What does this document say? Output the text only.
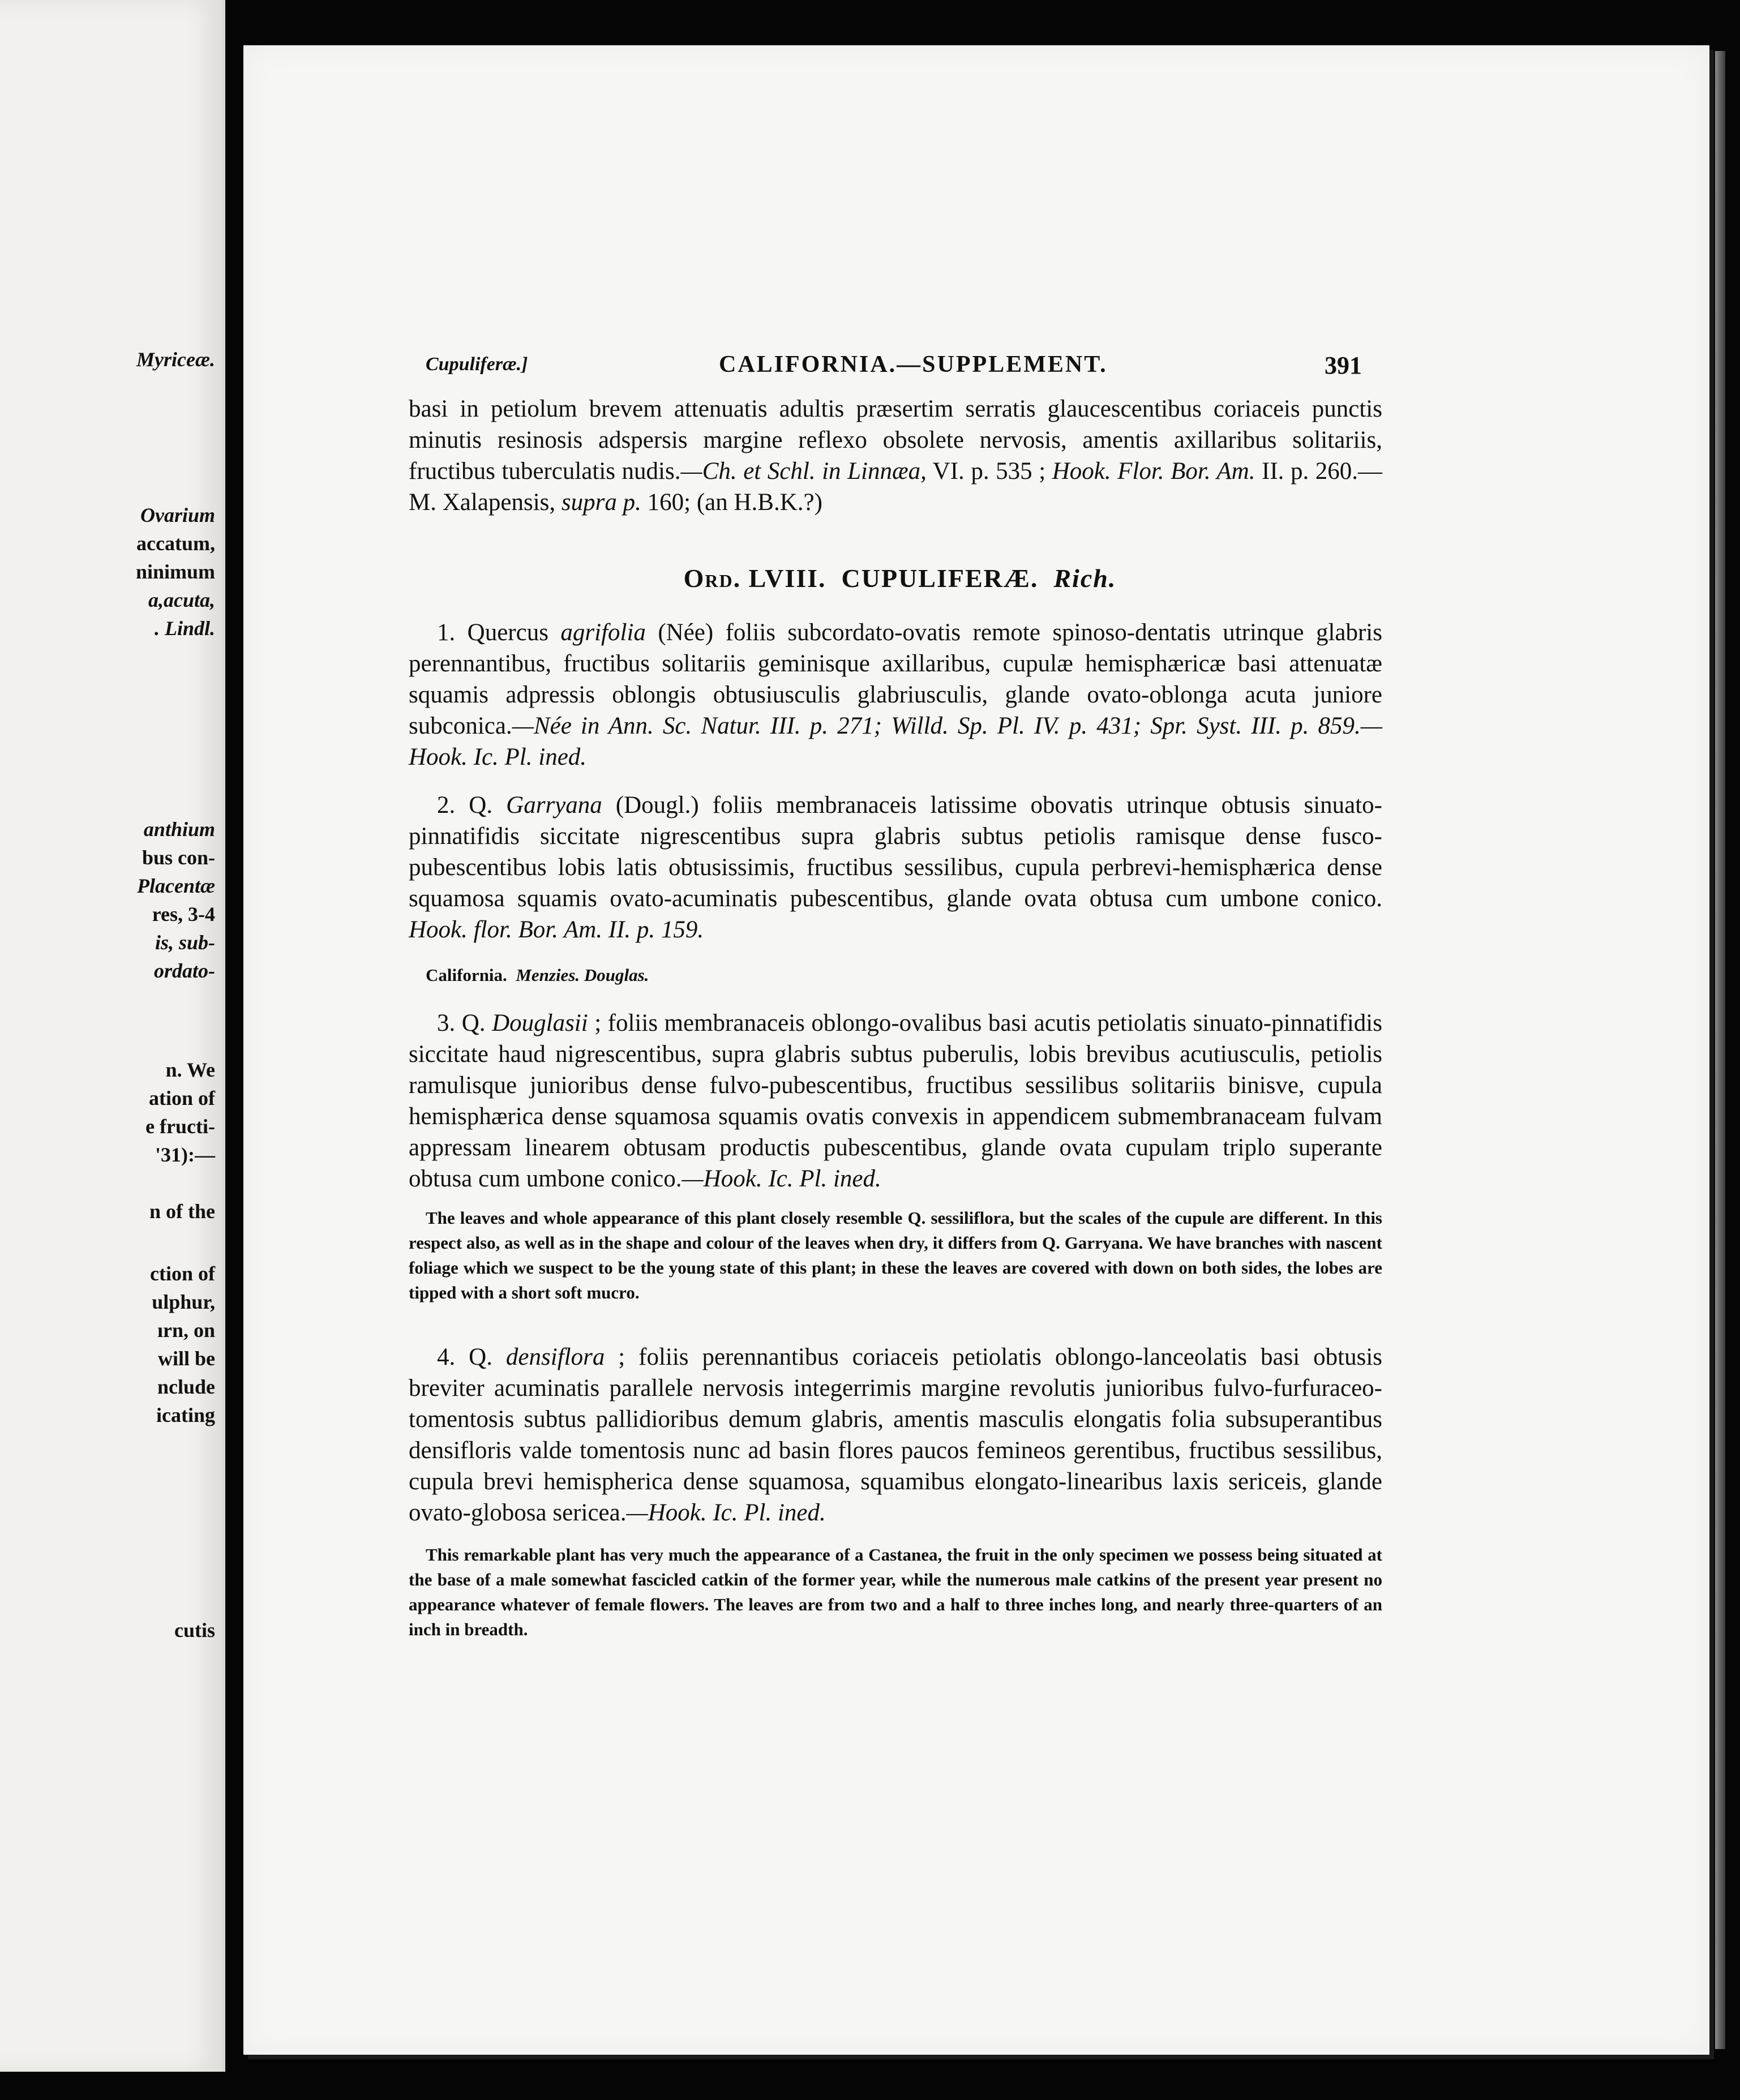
Myriceæ.
Ovarium
accatum,
ninimum
a,acuta,
. Lindl.
anthium
bus con-
Placentæ
res, 3-4
is, sub-
ordato-
n. We
ation of
e fructi-
'31):—
n of the
ction of
ulphur,
ırn, on
will be
nclude
icating
cutis
Cupuliferæ.]	CALIFORNIA.—SUPPLEMENT.	391
basi in petiolum brevem attenuatis adultis præsertim serratis glaucescentibus coriaceis punctis minutis resinosis adspersis margine reflexo obsolete nervosis, amentis axillaribus solitariis, fructibus tuberculatis nudis.—Ch. et Schl. in Linnæa, VI. p. 535 ; Hook. Flor. Bor. Am. II. p. 260.—M. Xalapensis, supra p. 160; (an H.B.K.?)
Ord. LVIII. CUPULIFERÆ. Rich.
1. Quercus agrifolia (Née) foliis subcordato-ovatis remote spinoso-dentatis utrinque glabris perennantibus, fructibus solitariis geminisque axillaribus, cupulæ hemisphæricæ basi attenuatæ squamis adpressis oblongis obtusiusculis glabriusculis, glande ovato-oblonga acuta juniore subconica.—Née in Ann. Sc. Natur. III. p. 271; Willd. Sp. Pl. IV. p. 431; Spr. Syst. III. p. 859.—Hook. Ic. Pl. ined.
2. Q. Garryana (Dougl.) foliis membranaceis latissime obovatis utrinque obtusis sinuato-pinnatifidis siccitate nigrescentibus supra glabris subtus petiolis ramisque dense fusco-pubescentibus lobis latis obtusissimis, fructibus sessilibus, cupula perbrevi-hemisphærica dense squamosa squamis ovato-acuminatis pubescentibus, glande ovata obtusa cum umbone conico. Hook. flor. Bor. Am. II. p. 159.
California. Menzies. Douglas.
3. Q. Douglasii ; foliis membranaceis oblongo-ovalibus basi acutis petiolatis sinuato-pinnatifidis siccitate haud nigrescentibus, supra glabris subtus puberulis, lobis brevibus acutiusculis, petiolis ramulisque junioribus dense fulvo-pubescentibus, fructibus sessilibus solitariis binisve, cupula hemisphærica dense squamosa squamis ovatis convexis in appendicem submembranaceam fulvam appressam linearem obtusam productis pubescentibus, glande ovata cupulam triplo superante obtusa cum umbone conico.—Hook. Ic. Pl. ined.
The leaves and whole appearance of this plant closely resemble Q. sessiliflora, but the scales of the cupule are different. In this respect also, as well as in the shape and colour of the leaves when dry, it differs from Q. Garryana. We have branches with nascent foliage which we suspect to be the young state of this plant; in these the leaves are covered with down on both sides, the lobes are tipped with a short soft mucro.
4. Q. densiflora ; foliis perennantibus coriaceis petiolatis oblongo-lanceolatis basi obtusis breviter acuminatis parallele nervosis integerrimis margine revolutis junioribus fulvo-furfuraceo-tomentosis subtus pallidioribus demum glabris, amentis masculis elongatis folia subsuperantibus densifloris valde tomentosis nunc ad basin flores paucos femineos gerentibus, fructibus sessilibus, cupula brevi hemispherica dense squamosa, squamibus elongato-linearibus laxis sericeis, glande ovato-globosa sericea.—Hook. Ic. Pl. ined.
This remarkable plant has very much the appearance of a Castanea, the fruit in the only specimen we possess being situated at the base of a male somewhat fascicled catkin of the former year, while the numerous male catkins of the present year present no appearance whatever of female flowers. The leaves are from two and a half to three inches long, and nearly three-quarters of an inch in breadth.
